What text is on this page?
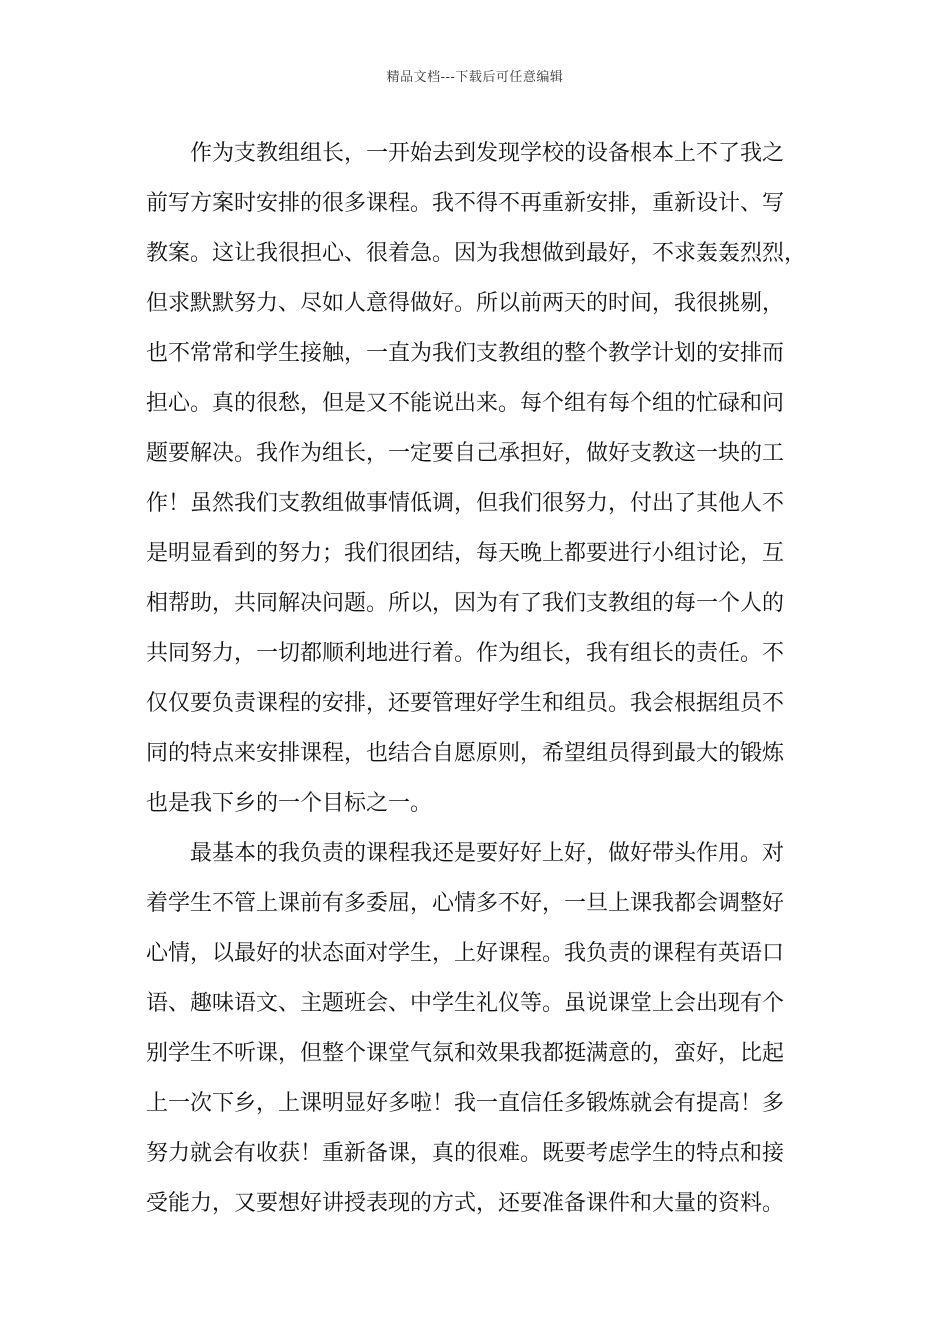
精品文档---下载后可任意编辑
作为支教组组长，一开始去到发现学校的设备根本上不了我之
前写方案时安排的很多课程。我不得不再重新安排，重新设计、写
教案。这让我很担心、很着急。因为我想做到最好，不求轰轰烈烈，
但求默默努力、尽如人意得做好。所以前两天的时间，我很挑剔，
也不常常和学生接触，一直为我们支教组的整个教学计划的安排而
担心。真的很愁，但是又不能说出来。每个组有每个组的忙碌和问
题要解决。我作为组长，一定要自己承担好，做好支教这一块的工
作！虽然我们支教组做事情低调，但我们很努力，付出了其他人不
是明显看到的努力；我们很团结，每天晚上都要进行小组讨论，互
相帮助，共同解决问题。所以，因为有了我们支教组的每一个人的
共同努力，一切都顺利地进行着。作为组长，我有组长的责任。不
仅仅要负责课程的安排，还要管理好学生和组员。我会根据组员不
同的特点来安排课程，也结合自愿原则，希望组员得到最大的锻炼
也是我下乡的一个目标之一。
最基本的我负责的课程我还是要好好上好，做好带头作用。对
着学生不管上课前有多委屈，心情多不好，一旦上课我都会调整好
心情，以最好的状态面对学生，上好课程。我负责的课程有英语口
语、趣味语文、主题班会、中学生礼仪等。虽说课堂上会出现有个
别学生不听课，但整个课堂气氛和效果我都挺满意的，蛮好，比起
上一次下乡，上课明显好多啦！我一直信任多锻炼就会有提高！多
努力就会有收获！重新备课，真的很难。既要考虑学生的特点和接
受能力，又要想好讲授表现的方式，还要准备课件和大量的资料。
